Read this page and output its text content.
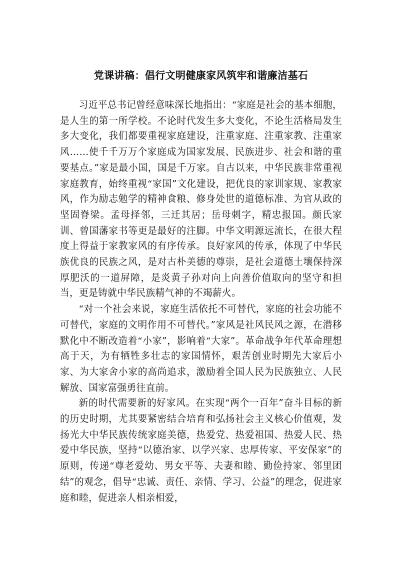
党课讲稿：倡行文明健康家风筑牢和谐廉洁基石

习近平总书记曾经意味深长地指出：“家庭是社会的基本细胞，是人生的第一所学校。不论时代发生多大变化，不论生活格局发生多大变化，我们都要重视家庭建设，注重家庭、注重家教、注重家风……使千千万万个家庭成为国家发展、民族进步、社会和谐的重要基点。”家是最小国，国是千万家。自古以来，中华民族非常重视家庭教育，始终重视“家国”文化建设，把优良的家训家规、家教家风，作为励志勉学的精神食粮、修身处世的道德标准、为官从政的坚固脊梁。孟母择邻，三迁其居；岳母刺字，精忠报国。颜氏家训、曾国藩家书等更是最好的注脚。中华文明源远流长，在很大程度上得益于家教家风的有序传承。良好家风的传承，体现了中华民族优良的民族之风，是对古朴美德的尊崇，是社会道德土壤保持深厚肥沃的一道屏障，是炎黄子孙对向上向善价值取向的坚守和担当，更是铸就中华民族精气神的不竭薪火。

“对一个社会来说，家庭生活依托不可替代，家庭的社会功能不可替代，家庭的文明作用不可替代。”家风是社风民风之源，在潜移默化中不断改造着“小家”，影响着“大家”。革命战争年代革命理想高于天，为有牺牲多壮志的家国情怀，艰苦创业时期先大家后小家、为大家舍小家的高尚追求，激励着全国人民为民族独立、人民解放、国家富强勇往直前。

新的时代需要新的好家风。在实现“两个一百年”奋斗目标的新的历史时期，尤其要紧密结合培育和弘扬社会主义核心价值观，发扬光大中华民族传统家庭美德，热爱党、热爱祖国、热爱人民、热爱中华民族，坚持“以德治家、以学兴家、忠厚传家、平安保家”的原则，传递“尊老爱幼、男女平等、夫妻和睦、勤俭持家、邻里团结”的观念，倡导“忠诚、责任、亲情、学习、公益”的理念，促进家庭和睦，促进亲人相亲相爱，
